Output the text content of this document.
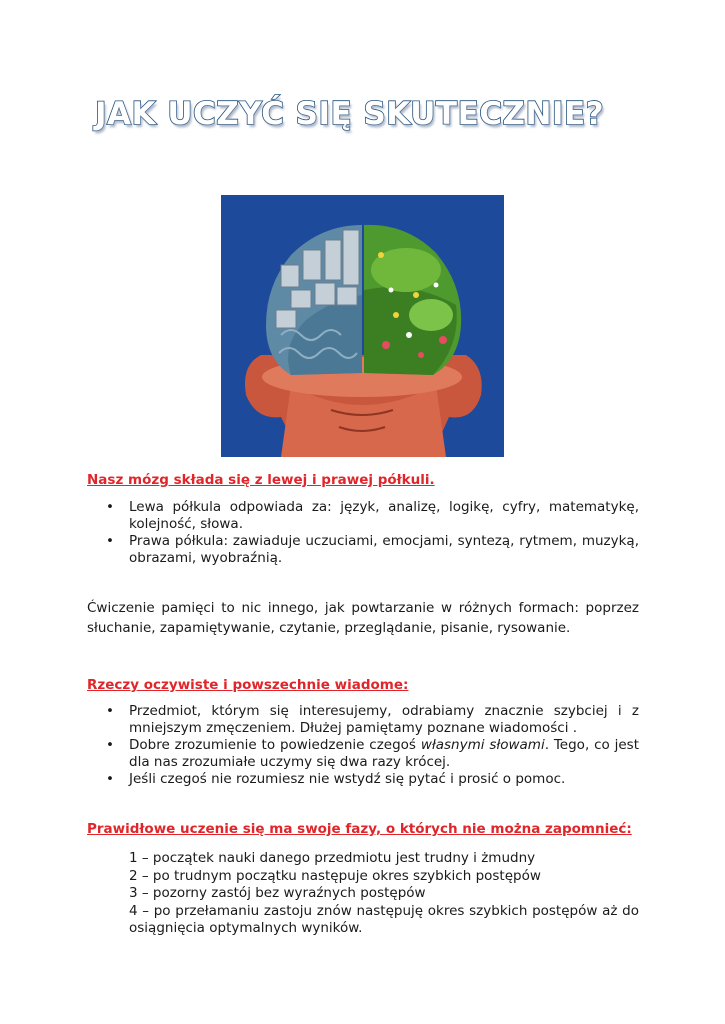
JAK UCZYĆ SIĘ SKUTECZNIE?
Nasz mózg składa się z lewej i prawej półkuli.
• Lewa półkula odpowiada za: język, analizę, logikę, cyfry, matematykę, kolejność, słowa.
• Prawa półkula: zawiaduje uczuciami, emocjami, syntezą, rytmem, muzyką, obrazami, wyobraźnią.

Ćwiczenie pamięci to nic innego, jak powtarzanie w różnych formach: poprzez słuchanie, zapamiętywanie, czytanie, przeglądanie, pisanie, rysowanie.

Rzeczy oczywiste i powszechnie wiadome:
• Przedmiot, którym się interesujemy, odrabiamy znacznie szybciej i z mniejszym zmęczeniem. Dłużej pamiętamy poznane wiadomości .
• Dobre zrozumienie to powiedzenie czegoś własnymi słowami. Tego, co jest dla nas zrozumiałe uczymy się dwa razy krócej.
• Jeśli czegoś nie rozumiesz nie wstydź się pytać i prosić o pomoc.
Prawidłowe uczenie się ma swoje fazy, o których nie można zapomnieć:
1 – początek nauki danego przedmiotu jest trudny i żmudny
2 – po trudnym początku następuje okres szybkich postępów
3 – pozorny zastój bez wyraźnych postępów
4 – po przełamaniu zastoju znów następuję okres szybkich postępów aż do osiągnięcia optymalnych wyników.
